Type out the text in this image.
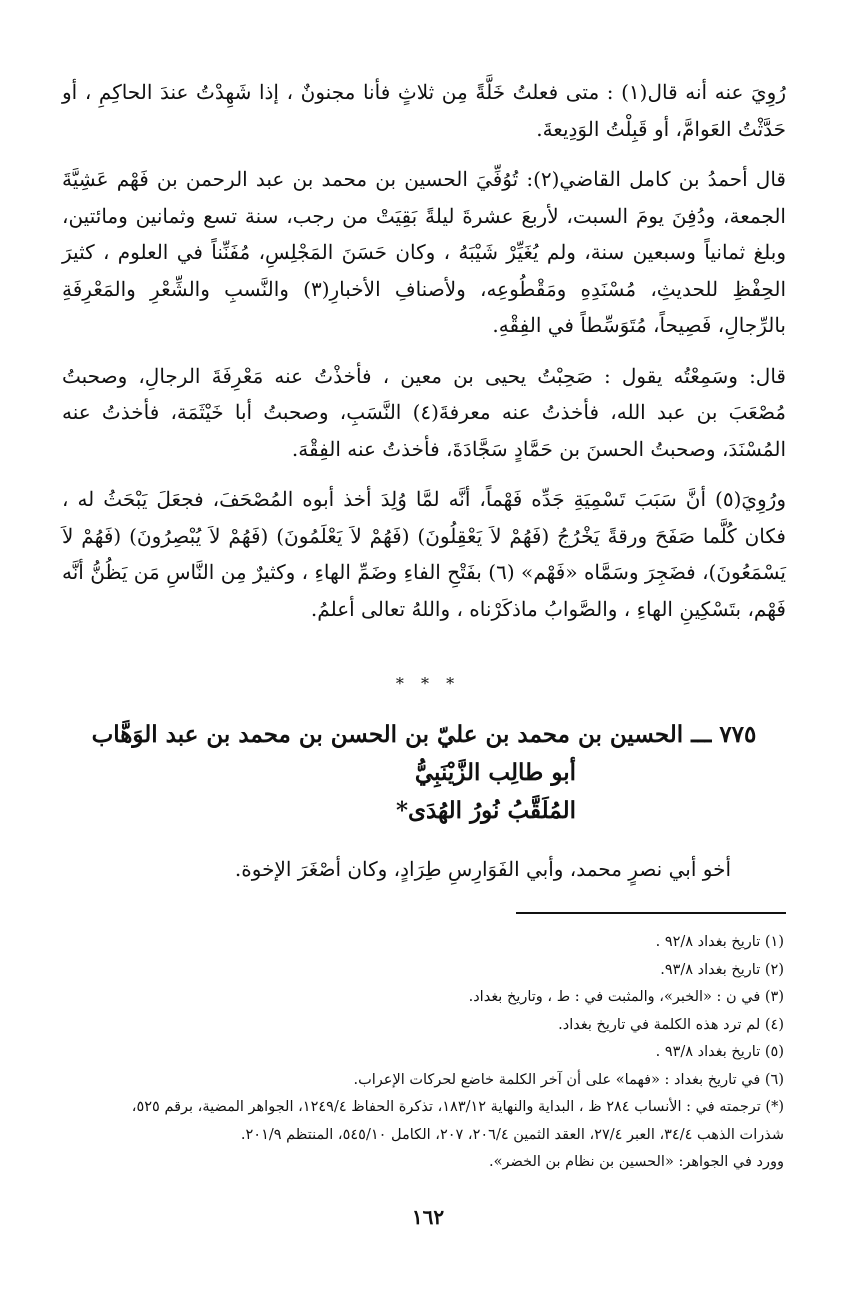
رُوِيَ عنه أنه قال(١) : متى فعلتُ خَلَّةً مِن ثلاثٍ فأنا مجنونٌ ، إذا شَهِدْتُ عندَ الحاكِمِ ، أو حَدَّثْتُ العَوامَّ، أو قَبِلْتُ الوَدِيعةَ.

قال أحمدُ بن كامل القاضي(٢): تُوُفِّيَ الحسين بن محمد بن عبد الرحمن بن فَهْم عَشِيَّةَ الجمعة، ودُفِنَ يومَ السبت، لأربعَ عشرةَ ليلةً بَقِيَتْ من رجب، سنة تسع وثمانين ومائتين، وبلغ ثمانياً وسبعين سنة، ولم يُغَيِّرْ شَيْبَهُ ، وكان حَسَنَ المَجْلِسِ، مُفَنِّناً في العلوم ، كثيرَ الحِفْظِ للحديثِ، مُسْنَدِهِ ومَقْطُوعِه، ولأصنافِ الأخبارِ(٣) والنَّسبِ والشِّعْرِ والمَعْرِفَةِ بالرِّجالِ، فَصِيحاً، مُتَوَسِّطاً في الفِقْهِ.

قال: وسَمِعْتُه يقول : صَحِبْتُ يحيى بن معين ، فأخذْتُ عنه مَعْرِفَةَ الرجالِ، وصحبتُ مُصْعَبَ بن عبد الله، فأخذتُ عنه معرفةَ(٤) النَّسَبِ، وصحبتُ أبا خَيْثَمَة، فأخذتُ عنه المُسْنَدَ، وصحبتُ الحسنَ بن حَمَّادٍ سَجَّادَةَ، فأخذتُ عنه الفِقْهَ.

ورُوِيَ(٥) أنَّ سَبَبَ تَسْمِيَةِ جَدِّه فَهْماً، أنَّه لمَّا وُلِدَ أخذ أبوه المُصْحَفَ، فجعَلَ يَبْحَثُ له ، فكان كُلَّما صَفَحَ ورقةً يَخْرُجُ (فَهُمْ لاَ يَعْقِلُونَ) (فَهُمْ لاَ يَعْلَمُونَ) (فَهُمْ لاَ يُبْصِرُونَ) (فَهُمْ لاَ يَسْمَعُونَ)، فضَجِرَ وسَمَّاه «فَهْم» (٦) بفَتْحِ الفاءِ وضَمِّ الهاءِ ، وكثيرٌ مِن النَّاسِ مَن يَظُنُّ أنَّه فَهْم، بتَسْكِينِ الهاءِ ، والصَّوابُ ماذكَرْناه ، واللهُ تعالى أعلمُ.

* * *
٧٧٥ ـــ الحسين بن محمد بن عليّ بن الحسن بن محمد بن عبد الوَهَّاب
أبو طالِب الزَّيْنَبِيُّ
المُلَقَّبُ نُورُ الهُدَى*
أخو أبي نصرٍ محمد، وأبي الفَوَارِسِ طِرَادٍ، وكان أصْغَرَ الإخوة.
(١) تاريخ بغداد ٩٢/٨ .
(٢) تاريخ بغداد ٩٣/٨.
(٣) في ن : «الخبر»، والمثبت في : ط ، وتاريخ بغداد.
(٤) لم ترد هذه الكلمة في تاريخ بغداد.
(٥) تاريخ بغداد ٩٣/٨ .
(٦) في تاريخ بغداد : «فهما» على أن آخر الكلمة خاضع لحركات الإعراب.
(*) ترجمته في : الأنساب ٢٨٤ ظ ، البداية والنهاية ١٨٣/١٢، تذكرة الحفاظ ١٢٤٩/٤، الجواهر المضية، برقم ٥٢٥،
شذرات الذهب ٣٤/٤، العبر ٢٧/٤، العقد الثمين ٢٠٦/٤، ٢٠٧، الكامل ٥٤٥/١٠، المنتظم ٢٠١/٩.
وورد في الجواهر: «الحسين بن نظام بن الخضر».
١٦٢
